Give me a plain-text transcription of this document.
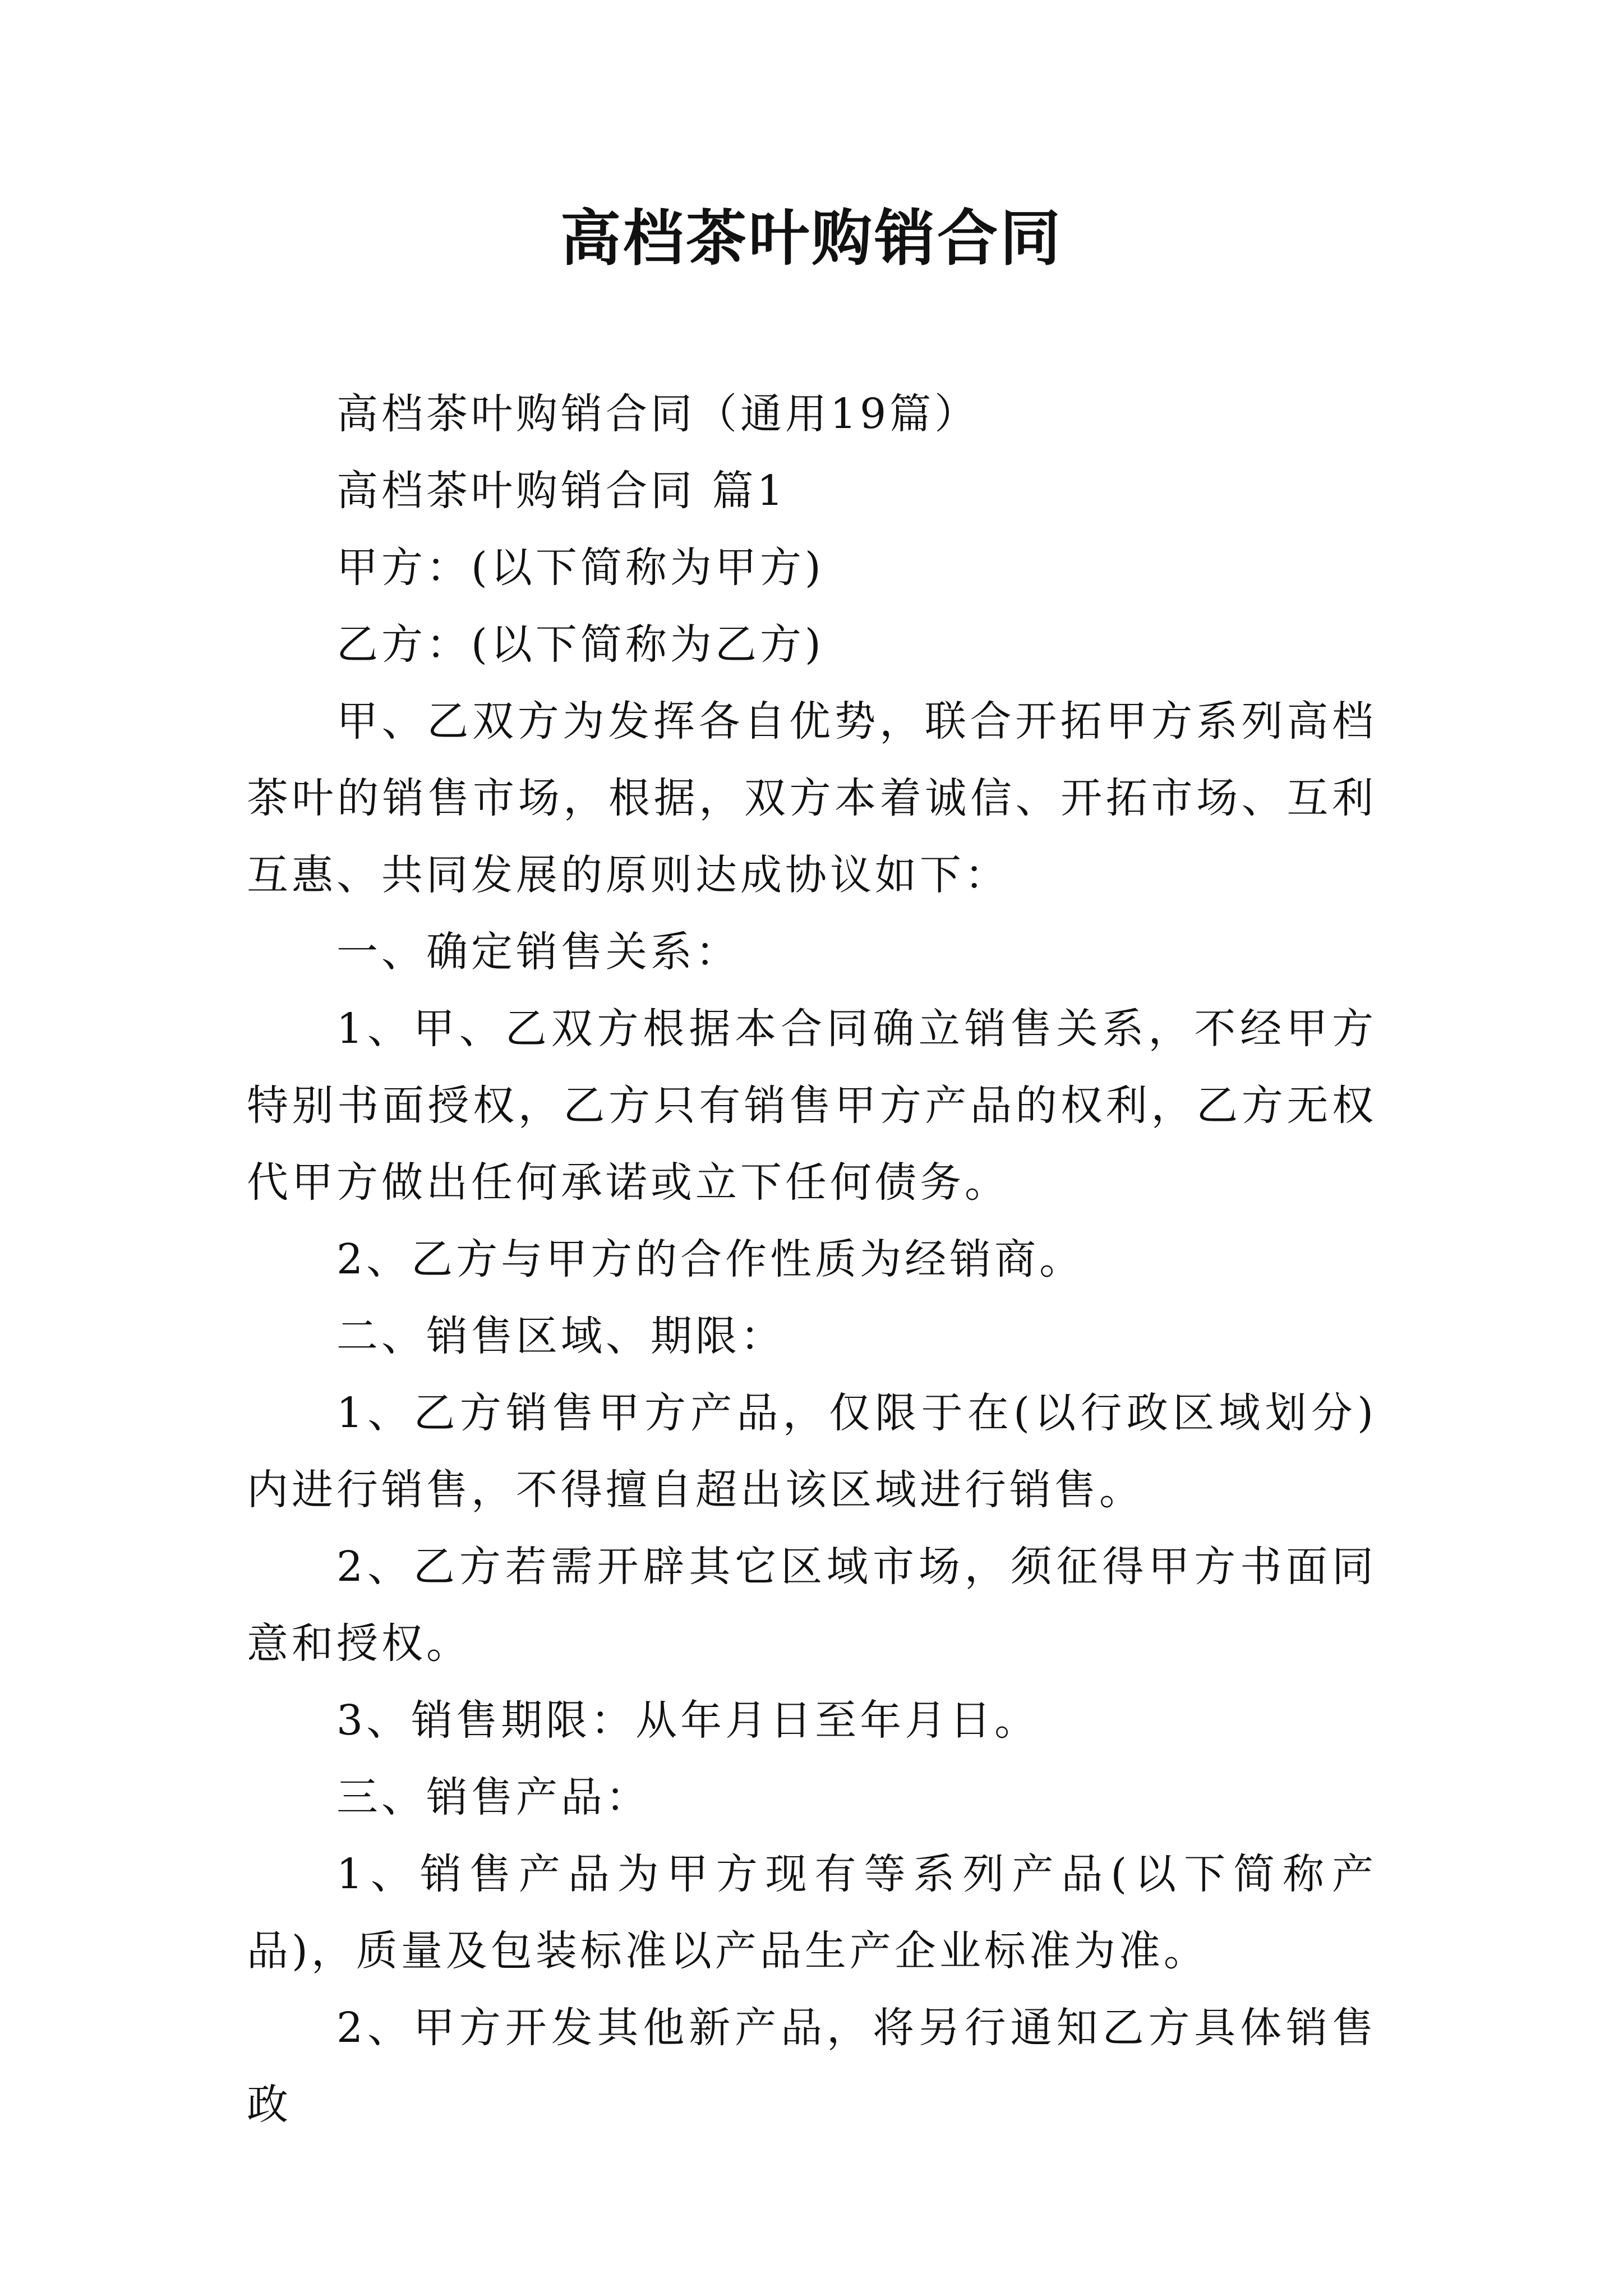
高档茶叶购销合同

高档茶叶购销合同（通用19篇）

高档茶叶购销合同 篇1

甲方：(以下简称为甲方)

乙方：(以下简称为乙方)

甲、乙双方为发挥各自优势，联合开拓甲方系列高档茶叶的销售市场，根据，双方本着诚信、开拓市场、互利互惠、共同发展的原则达成协议如下：

一、确定销售关系：

1、甲、乙双方根据本合同确立销售关系，不经甲方特别书面授权，乙方只有销售甲方产品的权利，乙方无权代甲方做出任何承诺或立下任何债务。

2、乙方与甲方的合作性质为经销商。

二、销售区域、期限：

1、乙方销售甲方产品，仅限于在(以行政区域划分)内进行销售，不得擅自超出该区域进行销售。

2、乙方若需开辟其它区域市场，须征得甲方书面同意和授权。

3、销售期限：从年月日至年月日。

三、销售产品：

1、销售产品为甲方现有等系列产品(以下简称产品)，质量及包装标准以产品生产企业标准为准。

2、甲方开发其他新产品，将另行通知乙方具体销售政
